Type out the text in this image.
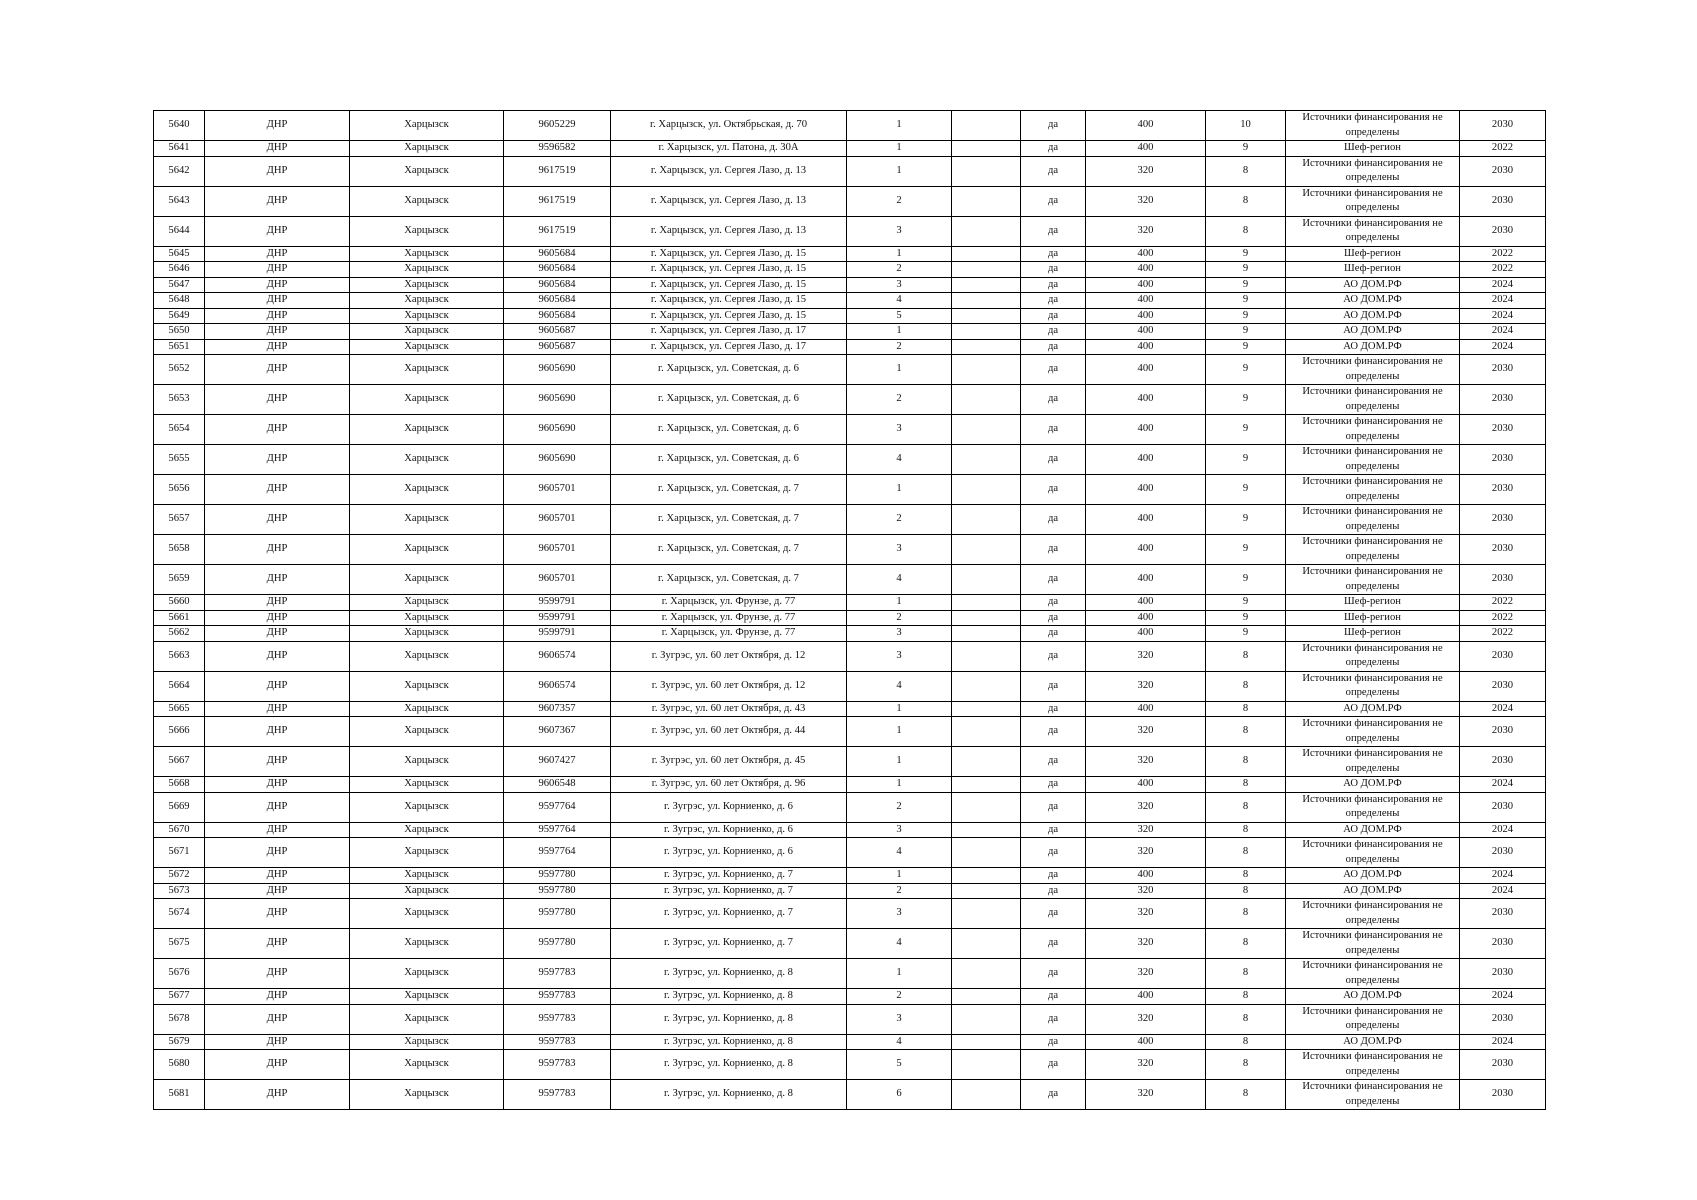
5640	ДНР	Харцызск	9605229	г. Харцызск, ул. Октябрьская, д. 70	1		да	400	10	Источники финансирования не определены	2030
5641	ДНР	Харцызск	9596582	г. Харцызск, ул. Патона, д. 30А	1		да	400	9	Шеф-регион	2022
5642	ДНР	Харцызск	9617519	г. Харцызск, ул. Сергея Лазо, д. 13	1		да	320	8	Источники финансирования не определены	2030
5643	ДНР	Харцызск	9617519	г. Харцызск, ул. Сергея Лазо, д. 13	2		да	320	8	Источники финансирования не определены	2030
5644	ДНР	Харцызск	9617519	г. Харцызск, ул. Сергея Лазо, д. 13	3		да	320	8	Источники финансирования не определены	2030
5645	ДНР	Харцызск	9605684	г. Харцызск, ул. Сергея Лазо, д. 15	1		да	400	9	Шеф-регион	2022
5646	ДНР	Харцызск	9605684	г. Харцызск, ул. Сергея Лазо, д. 15	2		да	400	9	Шеф-регион	2022
5647	ДНР	Харцызск	9605684	г. Харцызск, ул. Сергея Лазо, д. 15	3		да	400	9	АО ДОМ.РФ	2024
5648	ДНР	Харцызск	9605684	г. Харцызск, ул. Сергея Лазо, д. 15	4		да	400	9	АО ДОМ.РФ	2024
5649	ДНР	Харцызск	9605684	г. Харцызск, ул. Сергея Лазо, д. 15	5		да	400	9	АО ДОМ.РФ	2024
5650	ДНР	Харцызск	9605687	г. Харцызск, ул. Сергея Лазо, д. 17	1		да	400	9	АО ДОМ.РФ	2024
5651	ДНР	Харцызск	9605687	г. Харцызск, ул. Сергея Лазо, д. 17	2		да	400	9	АО ДОМ.РФ	2024
5652	ДНР	Харцызск	9605690	г. Харцызск, ул. Советская, д. 6	1		да	400	9	Источники финансирования не определены	2030
5653	ДНР	Харцызск	9605690	г. Харцызск, ул. Советская, д. 6	2		да	400	9	Источники финансирования не определены	2030
5654	ДНР	Харцызск	9605690	г. Харцызск, ул. Советская, д. 6	3		да	400	9	Источники финансирования не определены	2030
5655	ДНР	Харцызск	9605690	г. Харцызск, ул. Советская, д. 6	4		да	400	9	Источники финансирования не определены	2030
5656	ДНР	Харцызск	9605701	г. Харцызск, ул. Советская, д. 7	1		да	400	9	Источники финансирования не определены	2030
5657	ДНР	Харцызск	9605701	г. Харцызск, ул. Советская, д. 7	2		да	400	9	Источники финансирования не определены	2030
5658	ДНР	Харцызск	9605701	г. Харцызск, ул. Советская, д. 7	3		да	400	9	Источники финансирования не определены	2030
5659	ДНР	Харцызск	9605701	г. Харцызск, ул. Советская, д. 7	4		да	400	9	Источники финансирования не определены	2030
5660	ДНР	Харцызск	9599791	г. Харцызск, ул. Фрунзе, д. 77	1		да	400	9	Шеф-регион	2022
5661	ДНР	Харцызск	9599791	г. Харцызск, ул. Фрунзе, д. 77	2		да	400	9	Шеф-регион	2022
5662	ДНР	Харцызск	9599791	г. Харцызск, ул. Фрунзе, д. 77	3		да	400	9	Шеф-регион	2022
5663	ДНР	Харцызск	9606574	г. Зугрэс, ул. 60 лет Октября, д. 12	3		да	320	8	Источники финансирования не определены	2030
5664	ДНР	Харцызск	9606574	г. Зугрэс, ул. 60 лет Октября, д. 12	4		да	320	8	Источники финансирования не определены	2030
5665	ДНР	Харцызск	9607357	г. Зугрэс, ул. 60 лет Октября, д. 43	1		да	400	8	АО ДОМ.РФ	2024
5666	ДНР	Харцызск	9607367	г. Зугрэс, ул. 60 лет Октября, д. 44	1		да	320	8	Источники финансирования не определены	2030
5667	ДНР	Харцызск	9607427	г. Зугрэс, ул. 60 лет Октября, д. 45	1		да	320	8	Источники финансирования не определены	2030
5668	ДНР	Харцызск	9606548	г. Зугрэс, ул. 60 лет Октября, д. 96	1		да	400	8	АО ДОМ.РФ	2024
5669	ДНР	Харцызск	9597764	г. Зугрэс, ул. Корниенко, д. 6	2		да	320	8	Источники финансирования не определены	2030
5670	ДНР	Харцызск	9597764	г. Зугрэс, ул. Корниенко, д. 6	3		да	320	8	АО ДОМ.РФ	2024
5671	ДНР	Харцызск	9597764	г. Зугрэс, ул. Корниенко, д. 6	4		да	320	8	Источники финансирования не определены	2030
5672	ДНР	Харцызск	9597780	г. Зугрэс, ул. Корниенко, д. 7	1		да	400	8	АО ДОМ.РФ	2024
5673	ДНР	Харцызск	9597780	г. Зугрэс, ул. Корниенко, д. 7	2		да	320	8	АО ДОМ.РФ	2024
5674	ДНР	Харцызск	9597780	г. Зугрэс, ул. Корниенко, д. 7	3		да	320	8	Источники финансирования не определены	2030
5675	ДНР	Харцызск	9597780	г. Зугрэс, ул. Корниенко, д. 7	4		да	320	8	Источники финансирования не определены	2030
5676	ДНР	Харцызск	9597783	г. Зугрэс, ул. Корниенко, д. 8	1		да	320	8	Источники финансирования не определены	2030
5677	ДНР	Харцызск	9597783	г. Зугрэс, ул. Корниенко, д. 8	2		да	400	8	АО ДОМ.РФ	2024
5678	ДНР	Харцызск	9597783	г. Зугрэс, ул. Корниенко, д. 8	3		да	320	8	Источники финансирования не определены	2030
5679	ДНР	Харцызск	9597783	г. Зугрэс, ул. Корниенко, д. 8	4		да	400	8	АО ДОМ.РФ	2024
5680	ДНР	Харцызск	9597783	г. Зугрэс, ул. Корниенко, д. 8	5		да	320	8	Источники финансирования не определены	2030
5681	ДНР	Харцызск	9597783	г. Зугрэс, ул. Корниенко, д. 8	6		да	320	8	Источники финансирования не определены	2030
